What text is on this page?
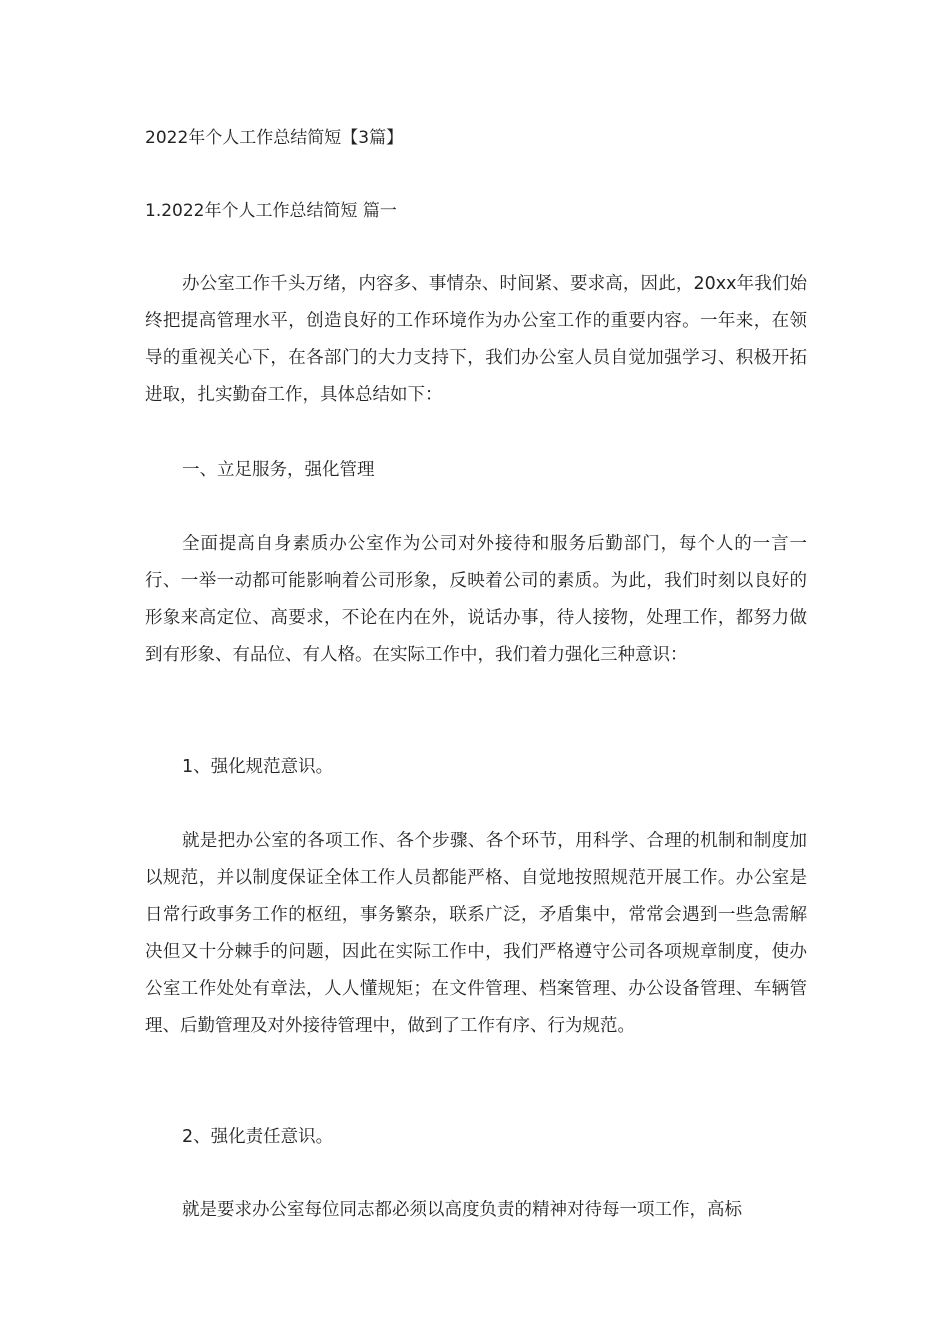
2022年个人工作总结简短【3篇】
1.2022年个人工作总结简短 篇一

办公室工作千头万绪，内容多、事情杂、时间紧、要求高，因此，20xx年我们始终把提高管理水平，创造良好的工作环境作为办公室工作的重要内容。一年来，在领导的重视关心下，在各部门的大力支持下，我们办公室人员自觉加强学习、积极开拓进取，扎实勤奋工作，具体总结如下：

一、立足服务，强化管理

全面提高自身素质办公室作为公司对外接待和服务后勤部门，每个人的一言一行、一举一动都可能影响着公司形象，反映着公司的素质。为此，我们时刻以良好的形象来高定位、高要求，不论在内在外，说话办事，待人接物，处理工作，都努力做到有形象、有品位、有人格。在实际工作中，我们着力强化三种意识：

1、强化规范意识。

就是把办公室的各项工作、各个步骤、各个环节，用科学、合理的机制和制度加以规范，并以制度保证全体工作人员都能严格、自觉地按照规范开展工作。办公室是日常行政事务工作的枢纽，事务繁杂，联系广泛，矛盾集中，常常会遇到一些急需解决但又十分棘手的问题，因此在实际工作中，我们严格遵守公司各项规章制度，使办公室工作处处有章法，人人懂规矩；在文件管理、档案管理、办公设备管理、车辆管理、后勤管理及对外接待管理中，做到了工作有序、行为规范。

2、强化责任意识。

就是要求办公室每位同志都必须以高度负责的精神对待每一项工作，高标
